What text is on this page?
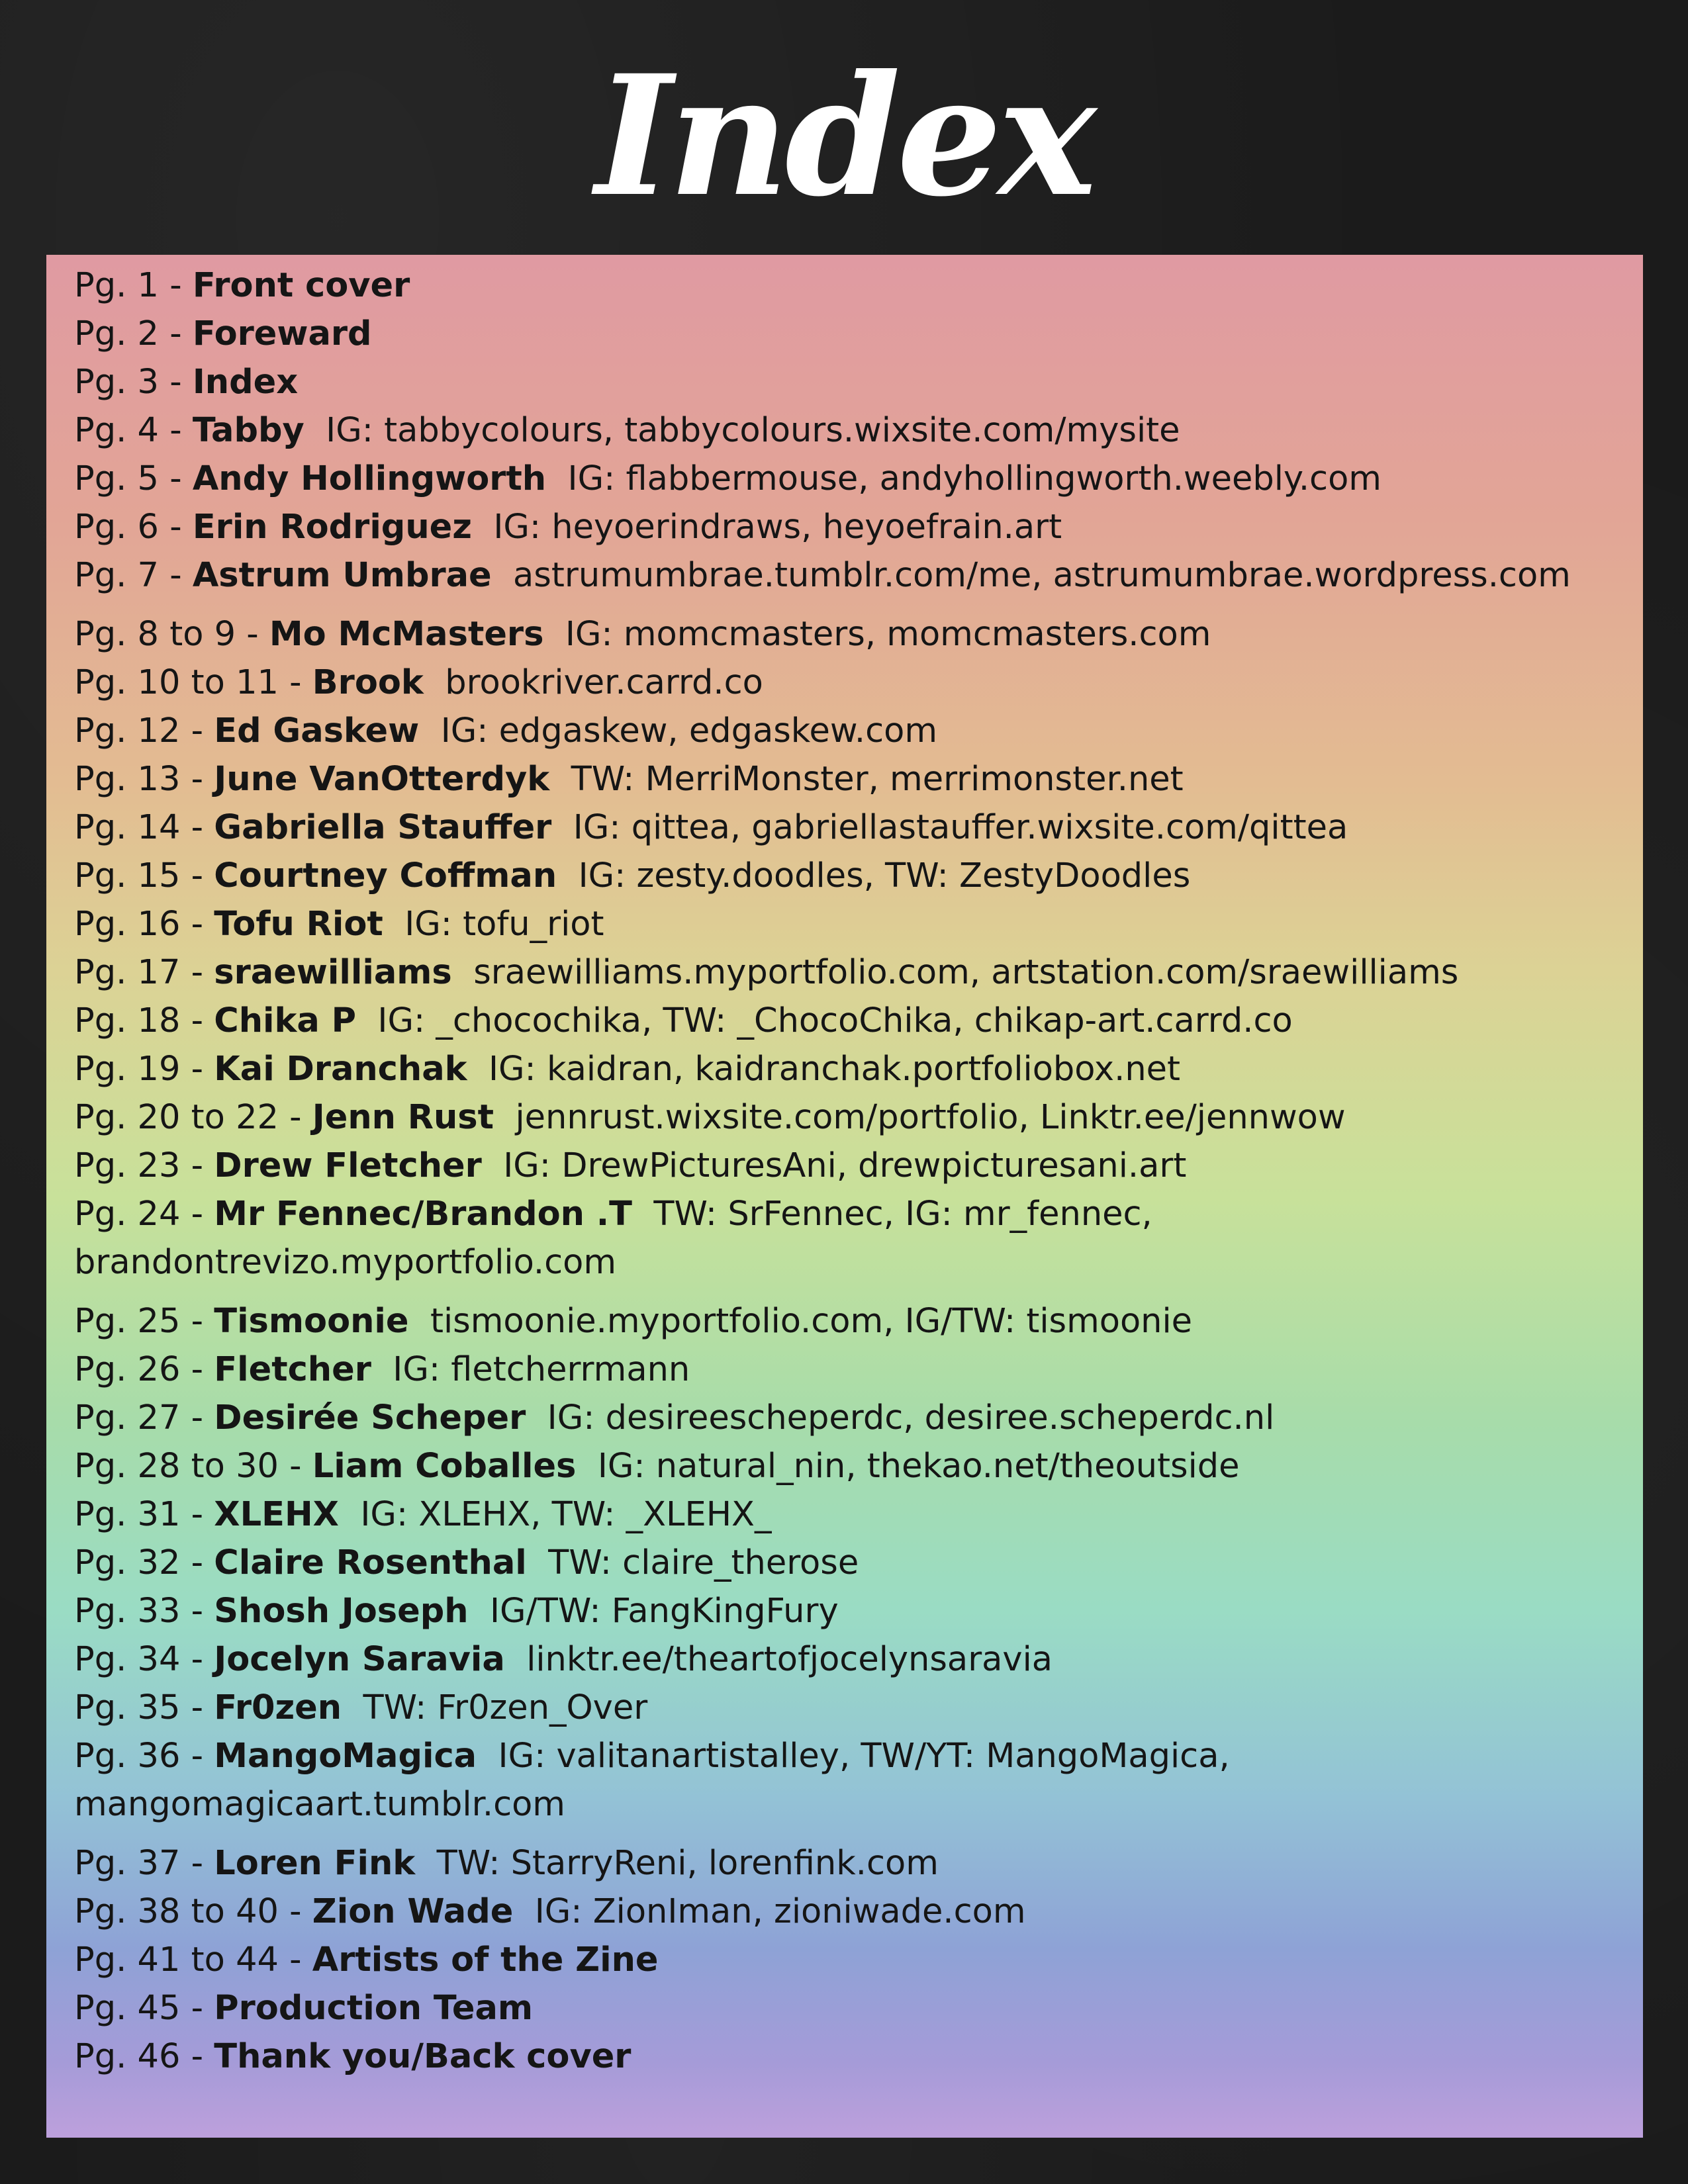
Index
Pg. 1 - Front cover
Pg. 2 - Foreward
Pg. 3 - Index
Pg. 4 - Tabby IG: tabbycolours, tabbycolours.wixsite.com/mysite
Pg. 5 - Andy Hollingworth IG: flabbermouse, andyhollingworth.weebly.com
Pg. 6 - Erin Rodriguez IG: heyoerindraws, heyoefrain.art
Pg. 7 - Astrum Umbrae astrumumbrae.tumblr.com/me, astrumumbrae.wordpress.com
Pg. 8 to 9 - Mo McMasters IG: momcmasters, momcmasters.com
Pg. 10 to 11 - Brook brookriver.carrd.co
Pg. 12 - Ed Gaskew IG: edgaskew, edgaskew.com
Pg. 13 - June VanOtterdyk TW: MerriMonster, merrimonster.net
Pg. 14 - Gabriella Stauffer IG: qittea, gabriellastauffer.wixsite.com/qittea
Pg. 15 - Courtney Coffman IG: zesty.doodles, TW: ZestyDoodles
Pg. 16 - Tofu Riot IG: tofu_riot
Pg. 17 - sraewilliams sraewilliams.myportfolio.com, artstation.com/sraewilliams
Pg. 18 - Chika P IG: _chocochika, TW: _ChocoChika, chikap-art.carrd.co
Pg. 19 - Kai Dranchak IG: kaidran, kaidranchak.portfoliobox.net
Pg. 20 to 22 - Jenn Rust jennrust.wixsite.com/portfolio, Linktr.ee/jennwow
Pg. 23 - Drew Fletcher IG: DrewPicturesAni, drewpicturesani.art
Pg. 24 - Mr Fennec/Brandon .T TW: SrFennec, IG: mr_fennec, brandontrevizo.myportfolio.com
Pg. 25 - Tismoonie tismoonie.myportfolio.com, IG/TW: tismoonie
Pg. 26 - Fletcher IG: fletcherrmann
Pg. 27 - Desirée Scheper IG: desireescheperdc, desiree.scheperdc.nl
Pg. 28 to 30 - Liam Coballes IG: natural_nin, thekao.net/theoutside
Pg. 31 - XLEHX IG: XLEHX, TW: _XLEHX_
Pg. 32 - Claire Rosenthal TW: claire_therose
Pg. 33 - Shosh Joseph IG/TW: FangKingFury
Pg. 34 - Jocelyn Saravia linktr.ee/theartofjocelynsaravia
Pg. 35 - Fr0zen TW: Fr0zen_Over
Pg. 36 - MangoMagica IG: valitanartistalley, TW/YT: MangoMagica, mangomagicaart.tumblr.com
Pg. 37 - Loren Fink TW: StarryReni, lorenfink.com
Pg. 38 to 40 - Zion Wade IG: ZionIman, zioniwade.com
Pg. 41 to 44 - Artists of the Zine
Pg. 45 - Production Team
Pg. 46 - Thank you/Back cover
